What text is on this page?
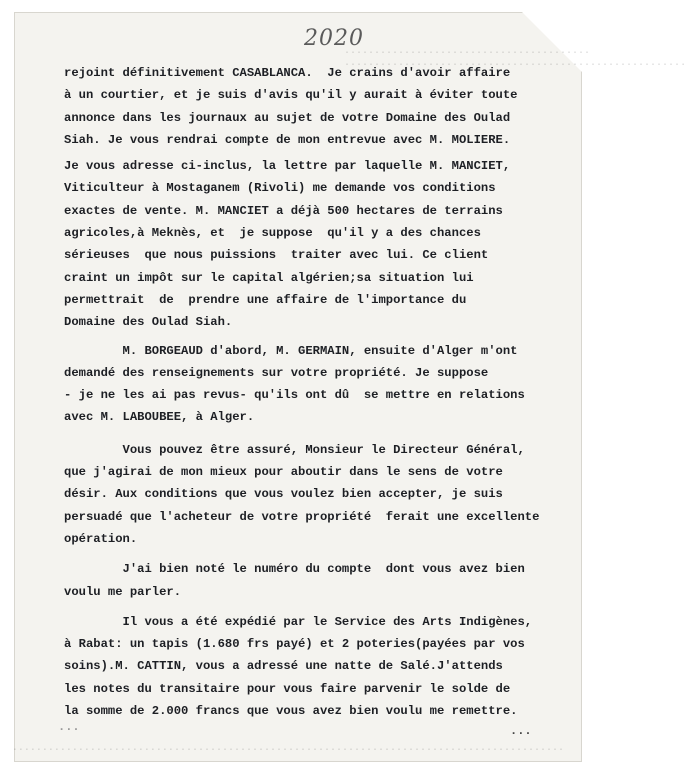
2020
·········································
·························································
····························································································
rejoint définitivement CASABLANCA.  Je crains d'avoir affaire
à un courtier, et je suis d'avis qu'il y aurait à éviter toute
annonce dans les journaux au sujet de votre Domaine des Oulad
Siah. Je vous rendrai compte de mon entrevue avec M. MOLIERE.
Je vous adresse ci-inclus, la lettre par laquelle M. MANCIET,
Viticulteur à Mostaganem (Rivoli) me demande vos conditions
exactes de vente. M. MANCIET a déjà 500 hectares de terrains
agricoles,à Meknès, et  je suppose  qu'il y a des chances
sérieuses  que nous puissions  traiter avec lui. Ce client
craint un impôt sur le capital algérien;sa situation lui
permettrait  de  prendre une affaire de l'importance du
Domaine des Oulad Siah.
M. BORGEAUD d'abord, M. GERMAIN, ensuite d'Alger m'ont
demandé des renseignements sur votre propriété. Je suppose
- je ne les ai pas revus- qu'ils ont dû  se mettre en relations
avec M. LABOUBEE, à Alger.
Vous pouvez être assuré, Monsieur le Directeur Général,
que j'agirai de mon mieux pour aboutir dans le sens de votre
désir. Aux conditions que vous voulez bien accepter, je suis
persuadé que l'acheteur de votre propriété  ferait une excellente
opération.
J'ai bien noté le numéro du compte  dont vous avez bien
voulu me parler.
Il vous a été expédié par le Service des Arts Indigènes,
à Rabat: un tapis (1.680 frs payé) et 2 poteries(payées par vos
soins).M. CATTIN, vous a adressé une natte de Salé.J'attends
les notes du transitaire pour vous faire parvenir le solde de
la somme de 2.000 francs que vous avez bien voulu me remettre.
...
...
